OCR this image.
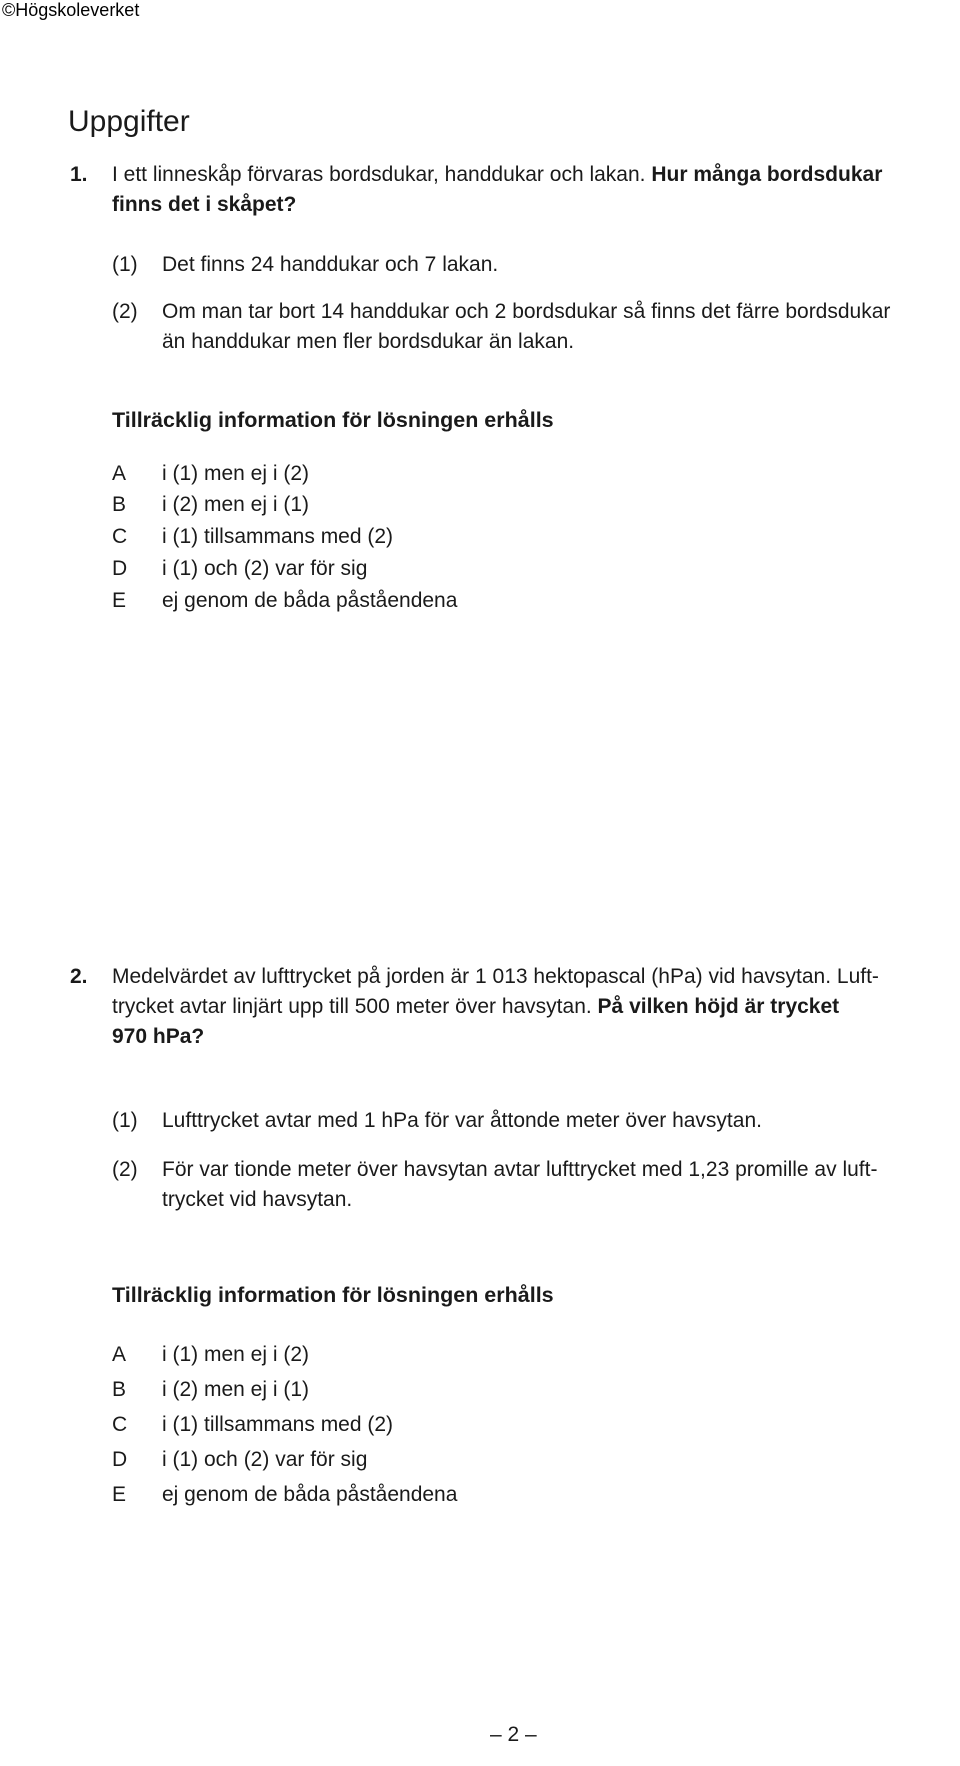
©Högskoleverket
Uppgifter
1. I ett linneskåp förvaras bordsdukar, handdukar och lakan. Hur många bordsdukar
finns det i skåpet?
(1) Det finns 24 handdukar och 7 lakan.
(2) Om man tar bort 14 handdukar och 2 bordsdukar så finns det färre bordsdukar
än handdukar men fler bordsdukar än lakan.
Tillräcklig information för lösningen erhålls
A i (1) men ej i (2)
B i (2) men ej i (1)
C i (1) tillsammans med (2)
D i (1) och (2) var för sig
E ej genom de båda påståendena
2. Medelvärdet av lufttrycket på jorden är 1 013 hektopascal (hPa) vid havsytan. Luft-
trycket avtar linjärt upp till 500 meter över havsytan. På vilken höjd är trycket
970 hPa?
(1) Lufttrycket avtar med 1 hPa för var åttonde meter över havsytan.
(2) För var tionde meter över havsytan avtar lufttrycket med 1,23 promille av luft-
trycket vid havsytan.
Tillräcklig information för lösningen erhålls
A i (1) men ej i (2)
B i (2) men ej i (1)
C i (1) tillsammans med (2)
D i (1) och (2) var för sig
E ej genom de båda påståendena
– 2 –
